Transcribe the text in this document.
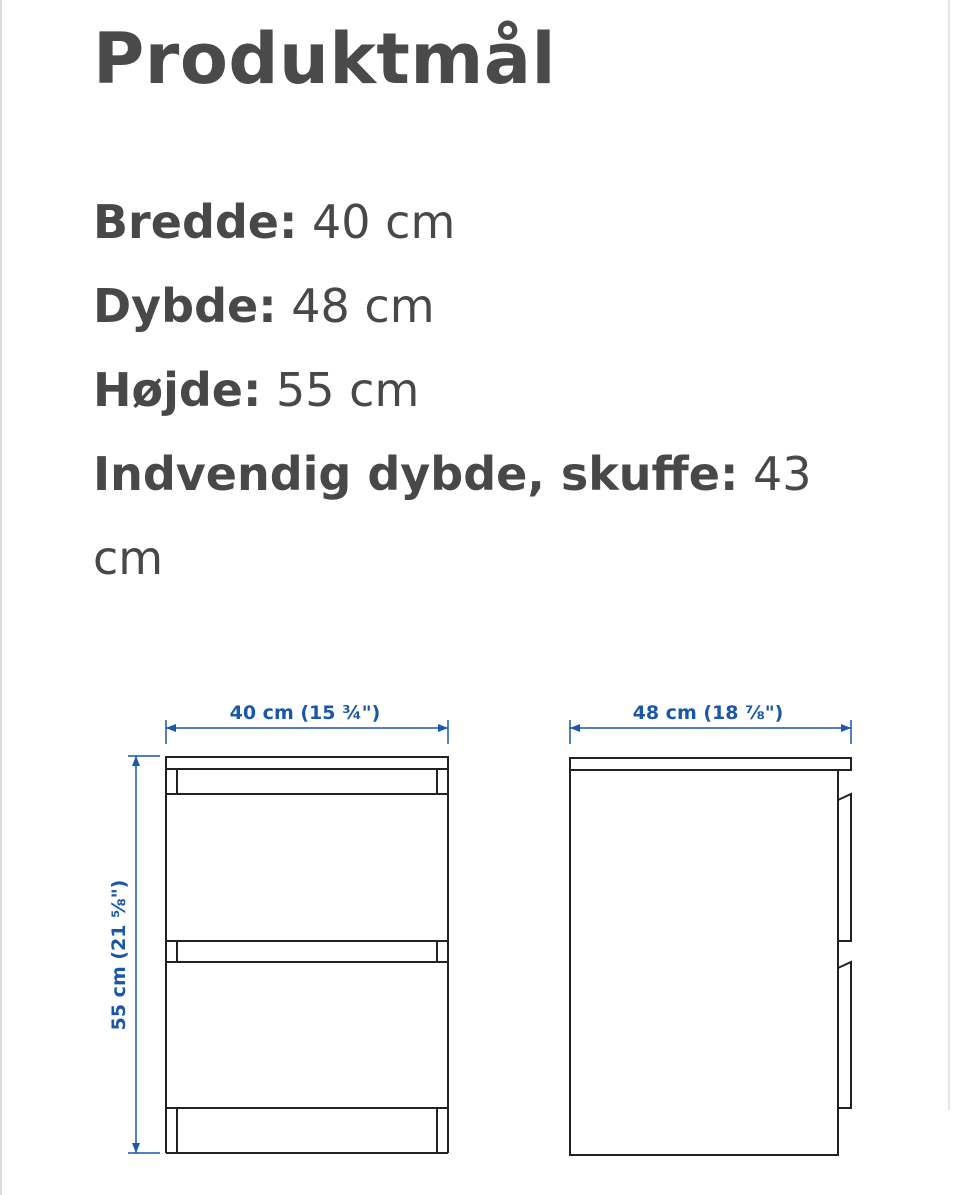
Produktmål
Bredde: 40 cm
Dybde: 48 cm
Højde: 55 cm
Indvendig dybde, skuffe: 43 cm
40 cm (15 ¾")
55 cm (21 ⅝")
48 cm (18 ⅞")
